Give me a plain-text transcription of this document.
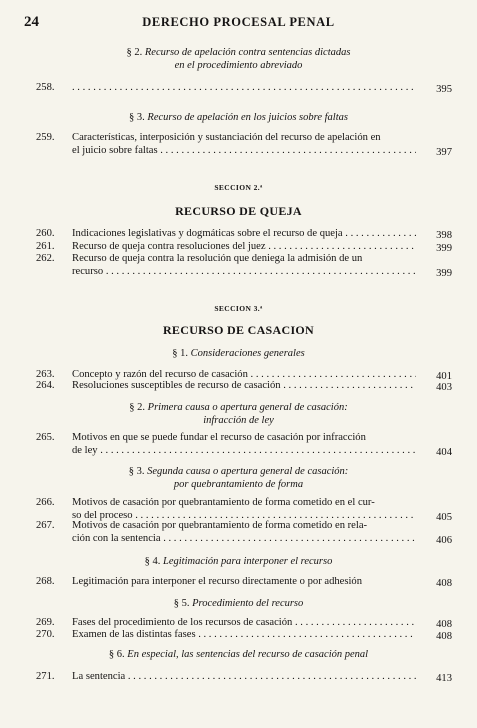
24	DERECHO PROCESAL PENAL
§ 2. Recurso de apelación contra sentencias dictadas
en el procedimiento abreviado
258. . . .	395
§ 3. Recurso de apelación en los juicios sobre faltas
259.	Características, interposición y sustanciación del recurso de apelación en
el juicio sobre faltas . . .	397
SECCION 2.ª
RECURSO DE QUEJA
260.	Indicaciones legislativas y dogmáticas sobre el recurso de queja . . .	398
261.	Recurso de queja contra resoluciones del juez . . .	399
262.	Recurso de queja contra la resolución que deniega la admisión de un
recurso . . .	399
SECCION 3.ª
RECURSO DE CASACION
§ 1. Consideraciones generales
263.	Concepto y razón del recurso de casación . . .	401
264.	Resoluciones susceptibles de recurso de casación . . .	403
§ 2. Primera causa o apertura general de casación:
infracción de ley
265.	Motivos en que se puede fundar el recurso de casación por infracción
de ley . . .	404
§ 3. Segunda causa o apertura general de casación:
por quebrantamiento de forma
266.	Motivos de casación por quebrantamiento de forma cometido en el cur-
so del proceso . . .	405
267.	Motivos de casación por quebrantamiento de forma cometido en rela-
ción con la sentencia . . .	406
§ 4. Legitimación para interponer el recurso
268.	Legitimación para interponer el recurso directamente o por adhesión	408
§ 5. Procedimiento del recurso
269.	Fases del procedimiento de los recursos de casación . . .	408
270.	Examen de las distintas fases . . .	408
§ 6. En especial, las sentencias del recurso de casación penal
271.	La sentencia . . .	413
